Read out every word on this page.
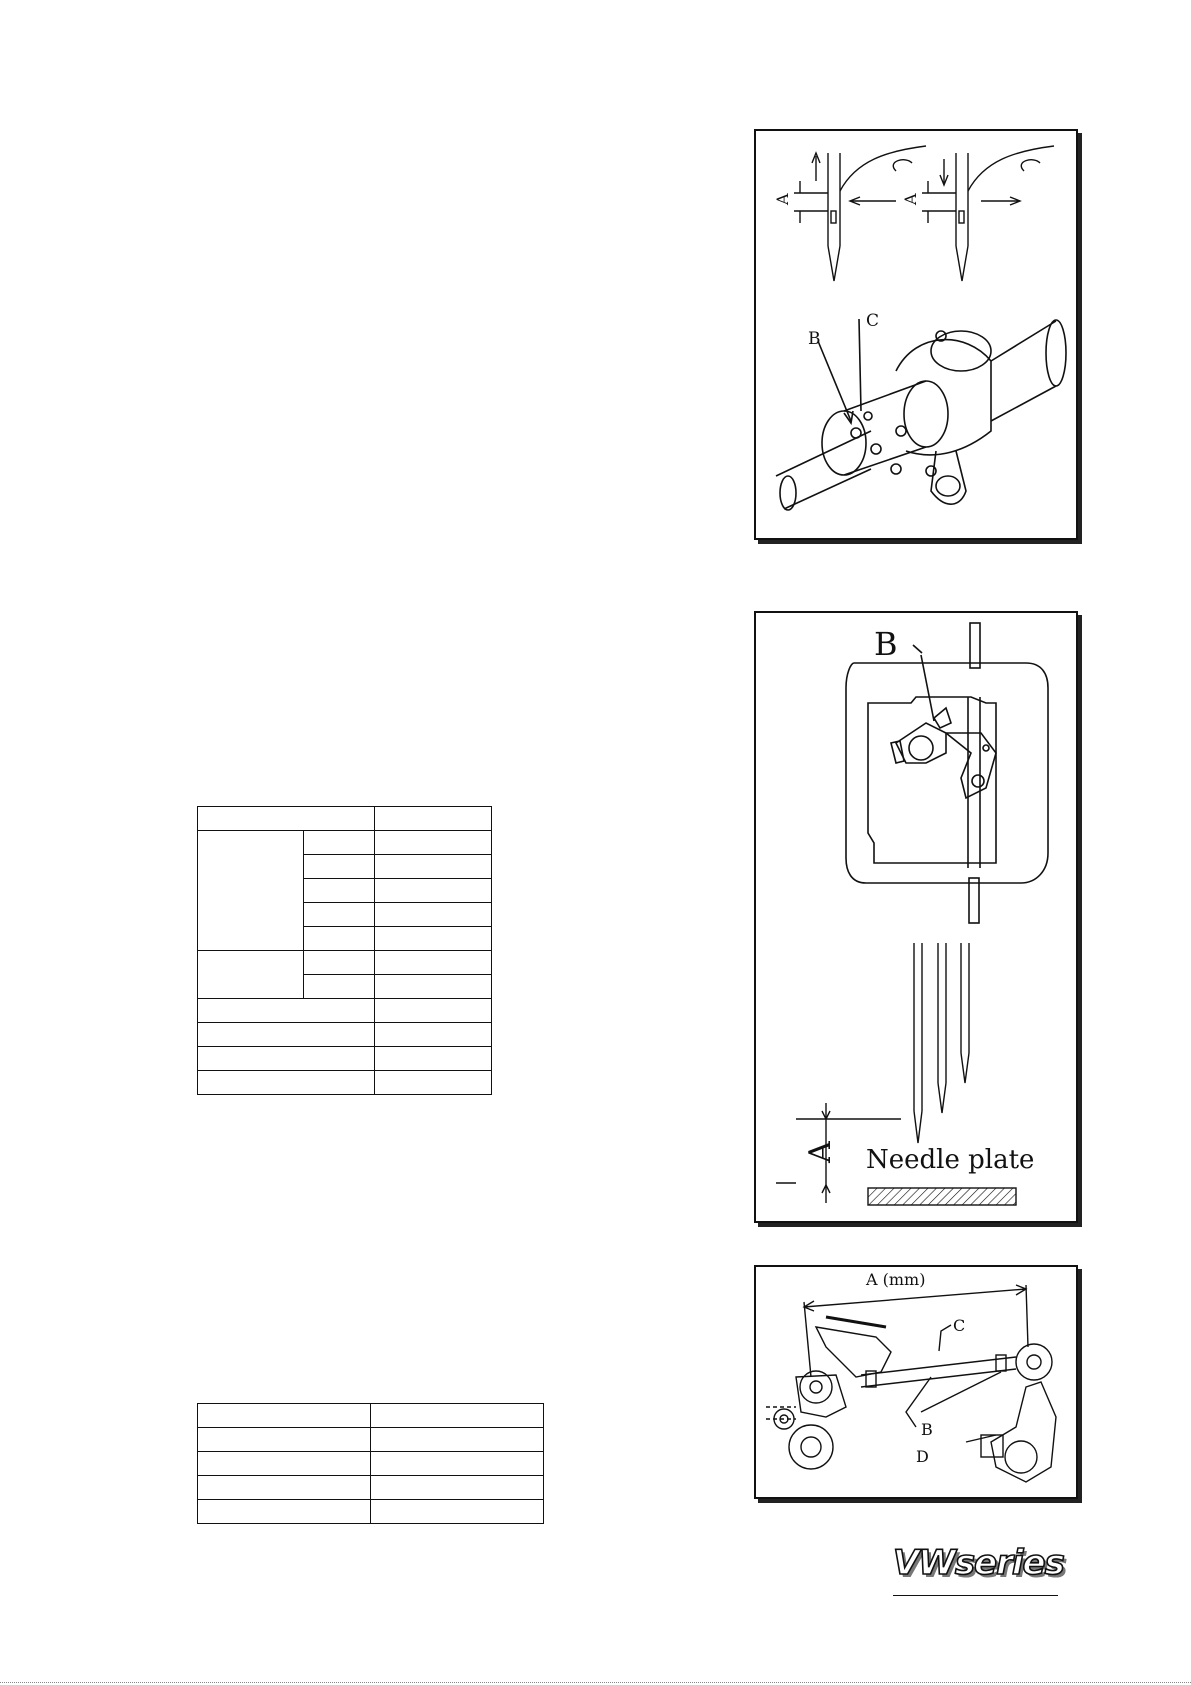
A	A
B
C
B
A Needle plate
A (mm)
B
C
D

VWseries
